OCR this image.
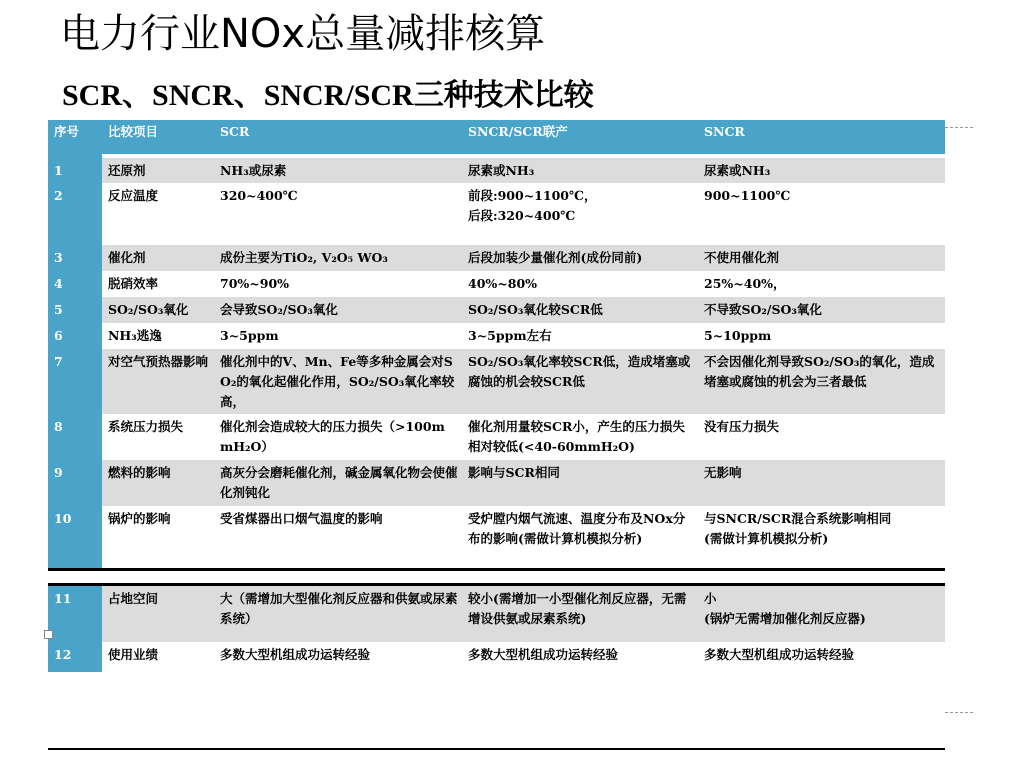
电力行业NOx总量减排核算
SCR、SNCR、SNCR/SCR三种技术比较
序号	比较项目	SCR	SNCR/SCR联产	SNCR

1	还原剂	NH₃或尿素	尿素或NH₃	尿素或NH₃
2	反应温度	320~400℃	前段:900~1100℃，
后段:320~400℃	900~1100℃
3	催化剂	成份主要为TiO₂, V₂O₅ WO₃	后段加装少量催化剂(成份同前)	不使用催化剂
4	脱硝效率	70%~90%	40%~80%	25%~40%，
5	SO₂/SO₃氧化	会导致SO₂/SO₃氧化	SO₂/SO₃氧化较SCR低	不导致SO₂/SO₃氧化
6	NH₃逃逸	3~5ppm	3~5ppm左右	5~10ppm
7	对空气预热器影响	催化剂中的V、Mn、Fe等多种金属会对SO₂的氧化起催化作用，SO₂/SO₃氧化率较高，	SO₂/SO₃氧化率较SCR低，造成堵塞或腐蚀的机会较SCR低	不会因催化剂导致SO₂/SO₃的氧化，造成堵塞或腐蚀的机会为三者最低
8	系统压力损失	催化剂会造成较大的压力损失（>100mmH₂O）	催化剂用量较SCR小，产生的压力损失相对较低(<40-60mmH₂O)	没有压力损失
9	燃料的影响	高灰分会磨耗催化剂，碱金属氧化物会使催化剂钝化	影响与SCR相同	无影响
10	锅炉的影响	受省煤器出口烟气温度的影响	受炉膛内烟气流速、温度分布及NOx分布的影响(需做计算机模拟分析)	与SNCR/SCR混合系统影响相同
(需做计算机模拟分析)

11	占地空间	大（需增加大型催化剂反应器和供氨或尿素系统）	较小(需增加一小型催化剂反应器，无需增设供氨或尿素系统)	小
(锅炉无需增加催化剂反应器)
12	使用业绩	多数大型机组成功运转经验	多数大型机组成功运转经验	多数大型机组成功运转经验
